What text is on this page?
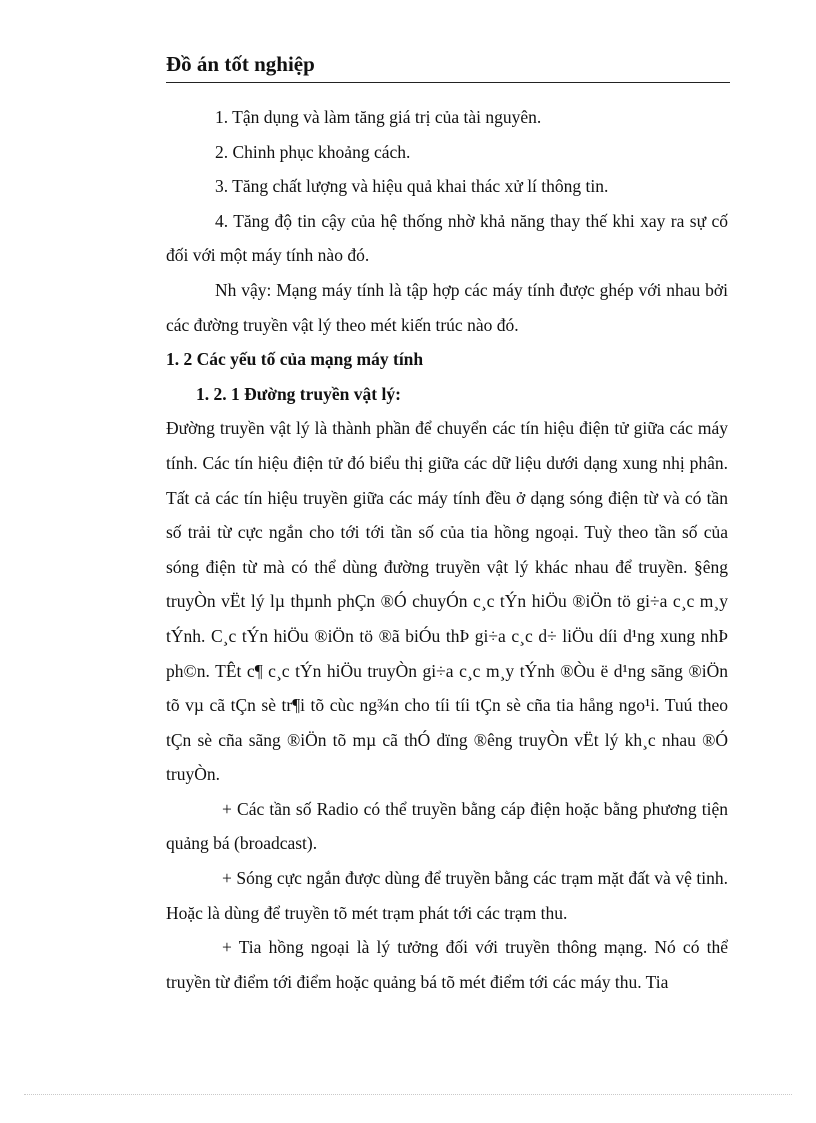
Đồ án tốt nghiệp

1. Tận dụng và làm tăng giá trị của tài nguyên.

2. Chinh phục khoảng cách.

3. Tăng chất lượng và hiệu quả khai thác xử lí thông tin.

4. Tăng độ tin cậy của hệ thống nhờ khả năng thay thế khi xay ra sự cố đối với một máy tính nào đó.

Nh vậy: Mạng máy tính là tập hợp các máy tính được ghép với nhau bởi các đường truyền vật lý theo mét kiến trúc nào đó.

1. 2 Các yếu tố của mạng máy tính

1. 2. 1 Đường truyền vật lý:

Đường truyền vật lý là thành phần để chuyển các tín hiệu điện tử giữa các máy tính. Các tín hiệu điện tử đó biểu thị giữa các dữ liệu dưới dạng xung nhị phân. Tất cả các tín hiệu truyền giữa các máy tính đều ở dạng sóng điện từ và có tần số trải từ cực ngắn cho tới tới tần số của tia hồng ngoại. Tuỳ theo tần số của sóng điện từ mà có thể dùng đường truyền vật lý khác nhau để truyền. §êng truyÒn vËt lý lµ thµnh phÇn ®Ó chuyÓn c¸c tÝn hiÖu ®iÖn tö gi÷a c¸c m¸y tÝnh. C¸c tÝn hiÖu ®iÖn tö ®ã biÓu thÞ gi÷a c¸c d÷ liÖu díi d¹ng xung nhÞ ph©n. TÊt c¶ c¸c tÝn hiÖu truyÒn gi÷a c¸c m¸y tÝnh ®Òu ë d¹ng sãng ®iÖn tõ vµ cã tÇn sè tr¶i tõ cùc ng¾n cho tíi tíi tÇn sè cña tia hång ngo¹i. Tuú theo tÇn sè cña sãng ®iÖn tõ mµ cã thÓ dïng ®êng truyÒn vËt lý kh¸c nhau ®Ó truyÒn.

+ Các tần số Radio có thể truyền bằng cáp điện hoặc bằng phương tiện quảng bá (broadcast).

+ Sóng cực ngắn được dùng để truyền bằng các trạm mặt đất và vệ tinh. Hoặc là dùng để truyền tõ mét trạm phát tới các trạm thu.

+ Tia hồng ngoại là lý tưởng đối với truyền thông mạng. Nó có thể truyền từ điểm tới điểm hoặc quảng bá tõ mét điểm tới các máy thu. Tia
